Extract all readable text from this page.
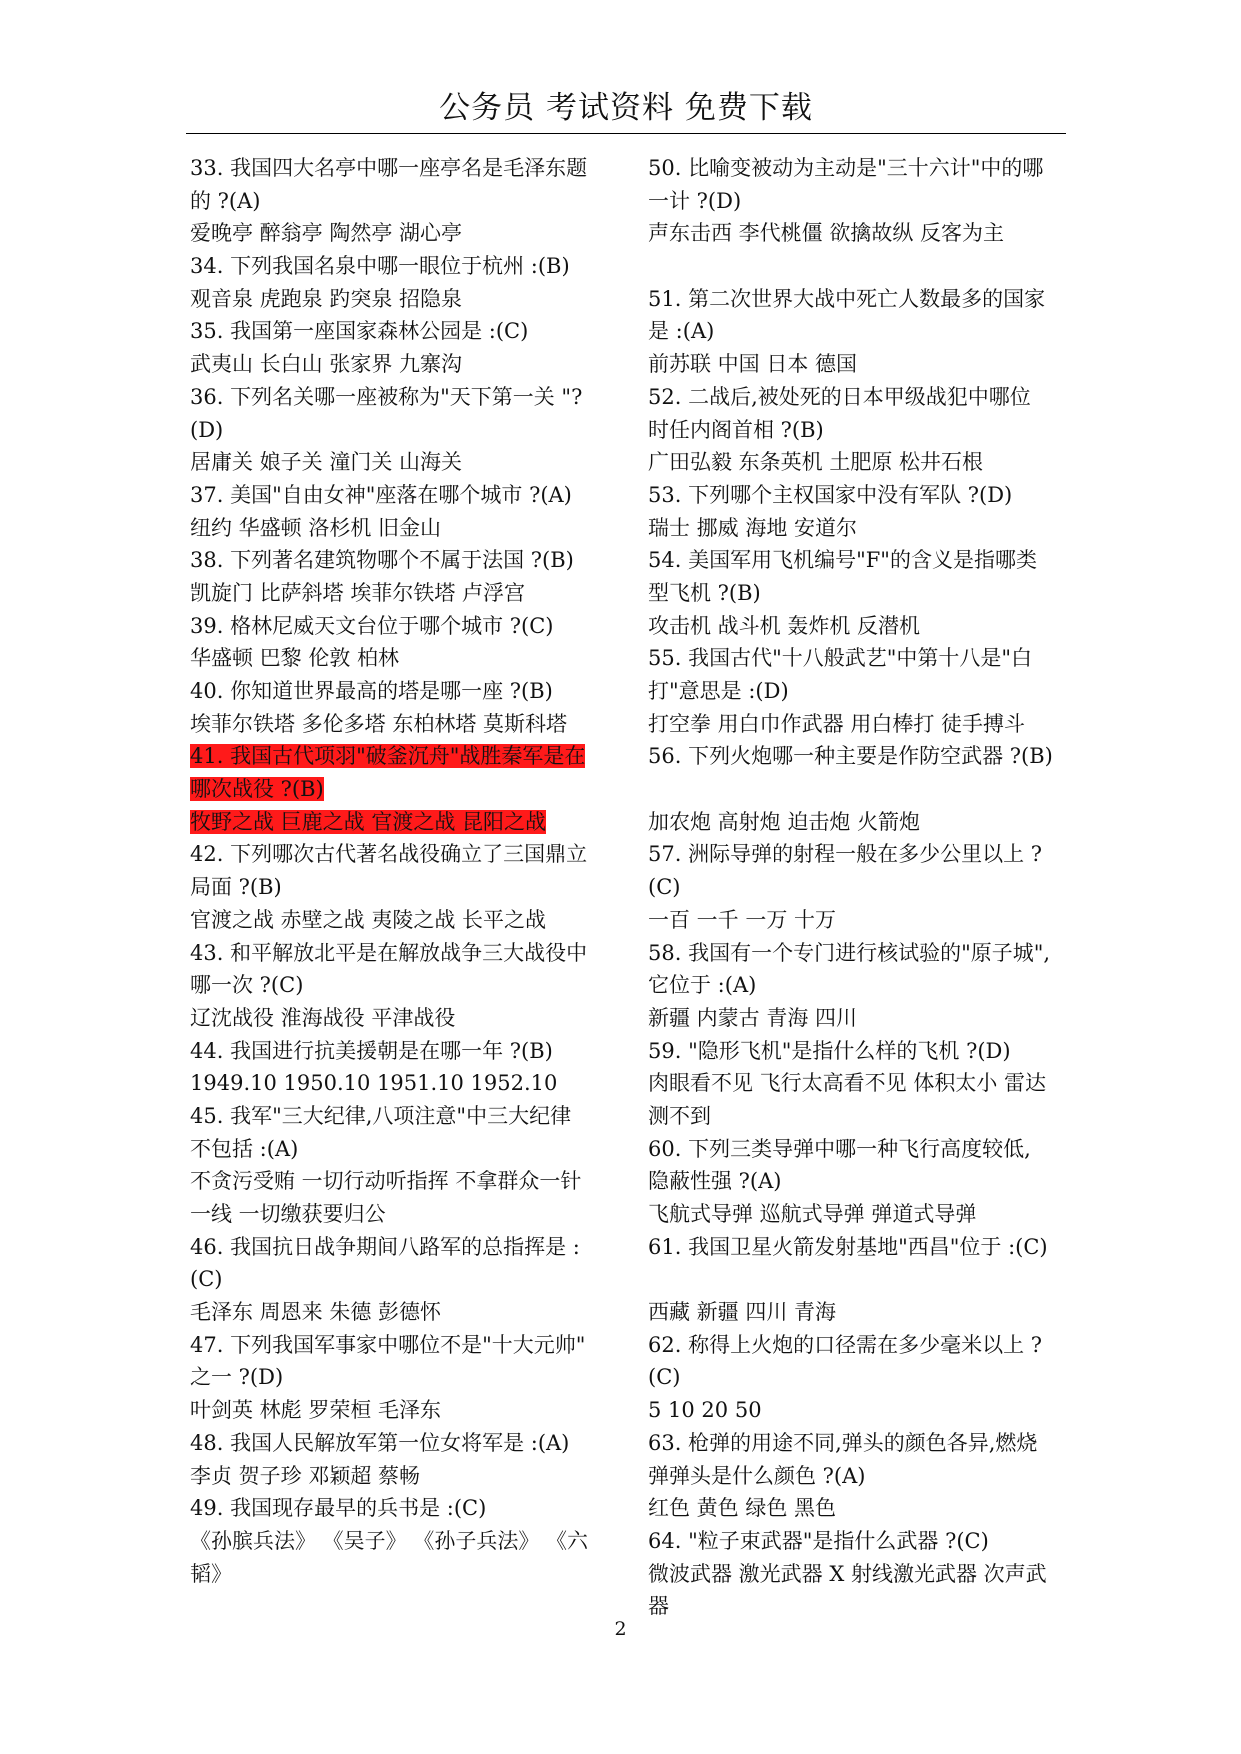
公务员 考试资料 免费下载
33. 我国四大名亭中哪一座亭名是毛泽东题
的 ?(A)
爱晚亭 醉翁亭 陶然亭 湖心亭
34. 下列我国名泉中哪一眼位于杭州 :(B)
观音泉 虎跑泉 趵突泉 招隐泉
35. 我国第一座国家森林公园是 :(C)
武夷山 长白山 张家界 九寨沟
36. 下列名关哪一座被称为"天下第一关 "?
(D)
居庸关 娘子关 潼门关 山海关
37. 美国"自由女神"座落在哪个城市 ?(A)
纽约 华盛顿 洛杉机 旧金山
38. 下列著名建筑物哪个不属于法国 ?(B)
凯旋门 比萨斜塔 埃菲尔铁塔 卢浮宫
39. 格林尼威天文台位于哪个城市 ?(C)
华盛顿 巴黎 伦敦 柏林
40. 你知道世界最高的塔是哪一座 ?(B)
埃菲尔铁塔 多伦多塔 东柏林塔 莫斯科塔
41. 我国古代项羽"破釜沉舟"战胜秦军是在
哪次战役 ?(B)
牧野之战 巨鹿之战 官渡之战 昆阳之战
42. 下列哪次古代著名战役确立了三国鼎立
局面 ?(B)
官渡之战 赤壁之战 夷陵之战 长平之战
43. 和平解放北平是在解放战争三大战役中
哪一次 ?(C)
辽沈战役 淮海战役 平津战役
44. 我国进行抗美援朝是在哪一年 ?(B)
1949.10 1950.10 1951.10 1952.10
45. 我军"三大纪律,八项注意"中三大纪律
不包括 :(A)
不贪污受贿 一切行动听指挥 不拿群众一针
一线 一切缴获要归公
46. 我国抗日战争期间八路军的总指挥是 :
(C)
毛泽东 周恩来 朱德 彭德怀
47. 下列我国军事家中哪位不是"十大元帅"
之一 ?(D)
叶剑英 林彪 罗荣桓 毛泽东
48. 我国人民解放军第一位女将军是 :(A)
李贞 贺子珍 邓颖超 蔡畅
49. 我国现存最早的兵书是 :(C)
《孙膑兵法》 《吴子》 《孙子兵法》 《六
韬》
50. 比喻变被动为主动是"三十六计"中的哪
一计 ?(D)
声东击西 李代桃僵 欲擒故纵 反客为主
51. 第二次世界大战中死亡人数最多的国家
是 :(A)
前苏联 中国 日本 德国
52. 二战后,被处死的日本甲级战犯中哪位
时任内阁首相 ?(B)
广田弘毅 东条英机 土肥原 松井石根
53. 下列哪个主权国家中没有军队 ?(D)
瑞士 挪威 海地 安道尔
54. 美国军用飞机编号"F"的含义是指哪类
型飞机 ?(B)
攻击机 战斗机 轰炸机 反潜机
55. 我国古代"十八般武艺"中第十八是"白
打"意思是 :(D)
打空拳 用白巾作武器 用白棒打 徒手搏斗
56. 下列火炮哪一种主要是作防空武器 ?(B)
加农炮 高射炮 迫击炮 火箭炮
57. 洲际导弹的射程一般在多少公里以上 ?
(C)
一百 一千 一万 十万
58. 我国有一个专门进行核试验的"原子城",
它位于 :(A)
新疆 内蒙古 青海 四川
59. "隐形飞机"是指什么样的飞机 ?(D)
肉眼看不见 飞行太高看不见 体积太小 雷达
测不到
60. 下列三类导弹中哪一种飞行高度较低,
隐蔽性强 ?(A)
飞航式导弹 巡航式导弹 弹道式导弹
61. 我国卫星火箭发射基地"西昌"位于 :(C)
西藏 新疆 四川 青海
62. 称得上火炮的口径需在多少毫米以上 ?
(C)
5 10 20 50
63. 枪弹的用途不同,弹头的颜色各异,燃烧
弹弹头是什么颜色 ?(A)
红色 黄色 绿色 黑色
64. "粒子束武器"是指什么武器 ?(C)
微波武器 激光武器 X 射线激光武器 次声武
器
2
